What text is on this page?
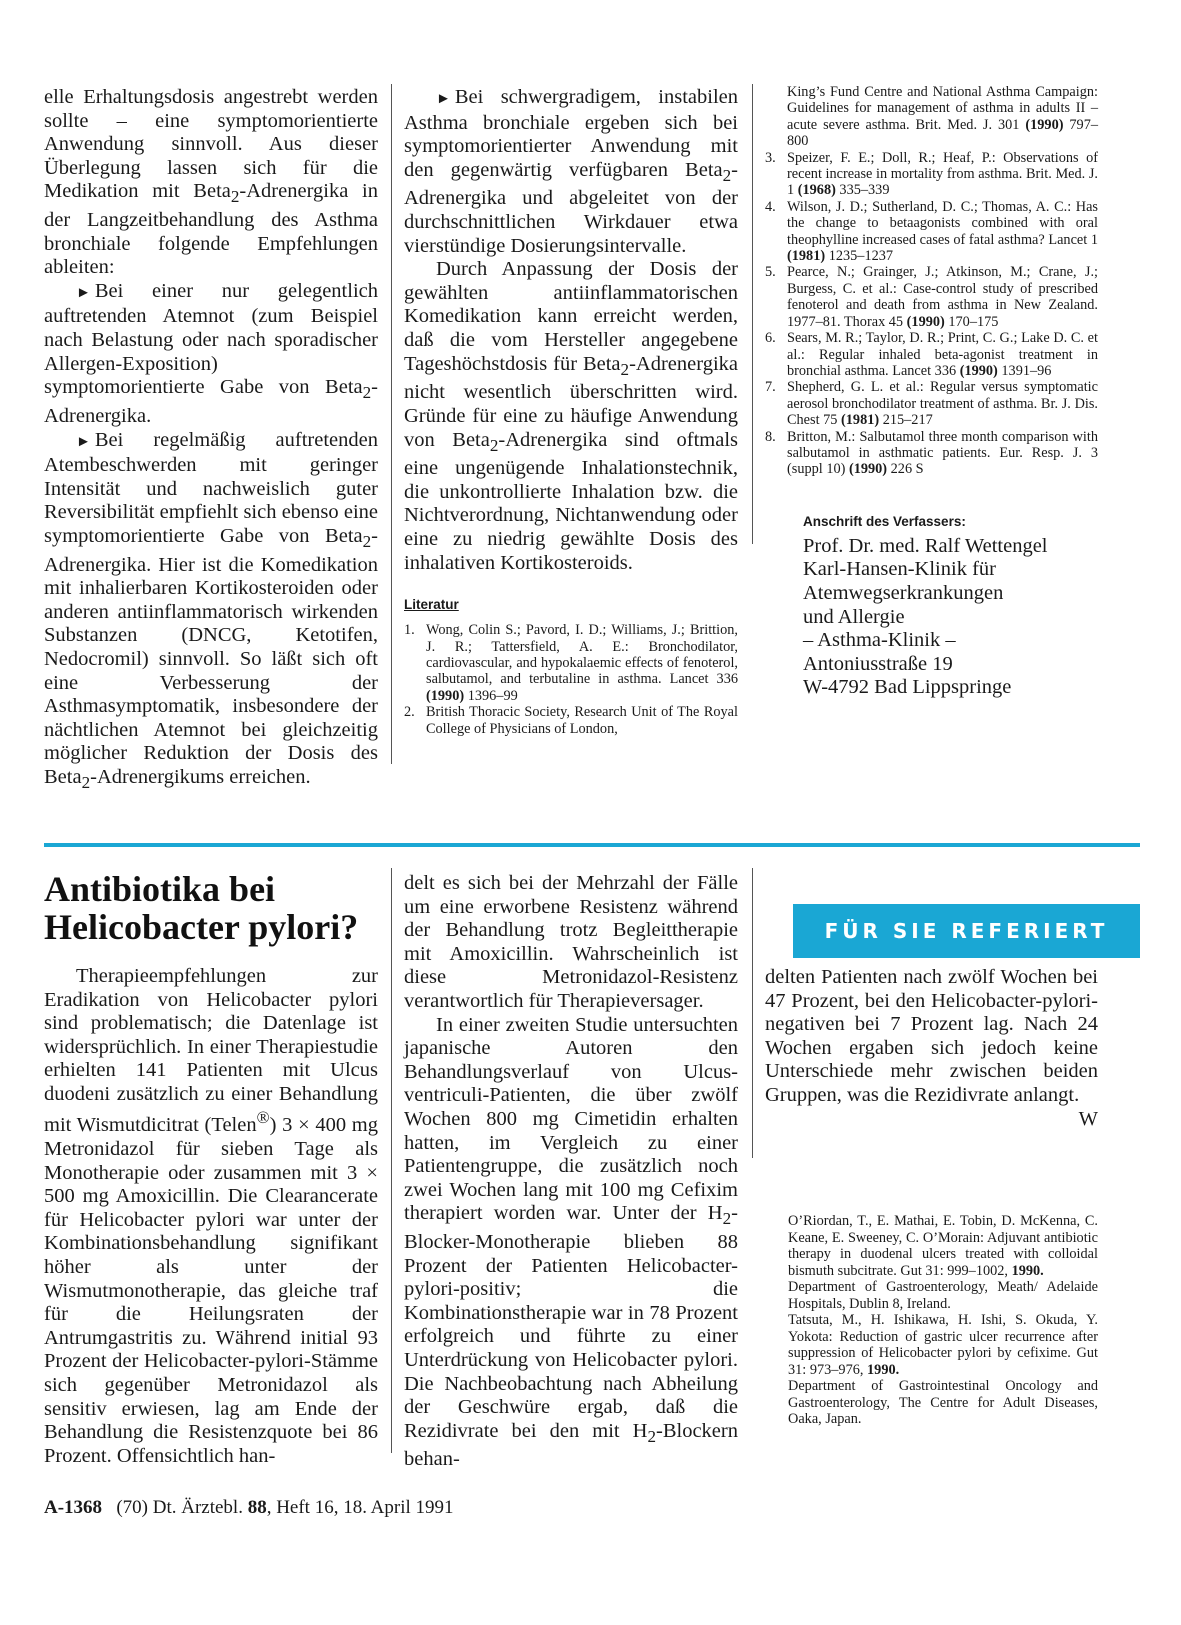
elle Erhaltungsdosis angestrebt werden sollte – eine symptomorientierte Anwendung sinnvoll. Aus dieser Überlegung lassen sich für die Medikation mit Beta$_2$-Adrenergika in der Langzeitbehandlung des Asthma bronchiale folgende Empfehlungen ableiten:

► Bei einer nur gelegentlich auftretenden Atemnot (zum Beispiel nach Belastung oder nach sporadischer Allergen-Exposition) symptomorientierte Gabe von Beta$_2$-Adrenergika.

► Bei regelmäßig auftretenden Atembeschwerden mit geringer Intensität und nachweislich guter Reversibilität empfiehlt sich ebenso eine symptomorientierte Gabe von Beta$_2$-Adrenergika. Hier ist die Komedikation mit inhalierbaren Kortikosteroiden oder anderen antiinflammatorisch wirkenden Substanzen (DNCG, Ketotifen, Nedocromil) sinnvoll. So läßt sich oft eine Verbesserung der Asthmasymptomatik, insbesondere der nächtlichen Atemnot bei gleichzeitig möglicher Reduktion der Dosis des Beta$_2$-Adrenergikums erreichen.

► Bei schwergradigem, instabilen Asthma bronchiale ergeben sich bei symptomorientierter Anwendung mit den gegenwärtig verfügbaren Beta$_2$-Adrenergika und abgeleitet von der durchschnittlichen Wirkdauer etwa vierstündige Dosierungsintervalle.

Durch Anpassung der Dosis der gewählten antiinflammatorischen Komedikation kann erreicht werden, daß die vom Hersteller angegebene Tageshöchstdosis für Beta$_2$-Adrenergika nicht wesentlich überschritten wird. Gründe für eine zu häufige Anwendung von Beta$_2$-Adrenergika sind oftmals eine ungenügende Inhalationstechnik, die unkontrollierte Inhalation bzw. die Nichtverordnung, Nichtanwendung oder eine zu niedrig gewählte Dosis des inhalativen Kortikosteroids.

Literatur
1. Wong, Colin S.; Pavord, I. D.; Williams, J.; Brittion, J. R.; Tattersfield, A. E.: Bronchodilator, cardiovascular, and hypokalaemic effects of fenoterol, salbutamol, and terbutaline in asthma. Lancet 336 (1990) 1396–99
2. British Thoracic Society, Research Unit of The Royal College of Physicians of London,
King’s Fund Centre and National Asthma Campaign: Guidelines for management of asthma in adults II – acute severe asthma. Brit. Med. J. 301 (1990) 797–800
3. Speizer, F. E.; Doll, R.; Heaf, P.: Observations of recent increase in mortality from asthma. Brit. Med. J. 1 (1968) 335–339
4. Wilson, J. D.; Sutherland, D. C.; Thomas, A. C.: Has the change to betaagonists combined with oral theophylline increased cases of fatal asthma? Lancet 1 (1981) 1235–1237
5. Pearce, N.; Grainger, J.; Atkinson, M.; Crane, J.; Burgess, C. et al.: Case-control study of prescribed fenoterol and death from asthma in New Zealand. 1977–81. Thorax 45 (1990) 170–175
6. Sears, M. R.; Taylor, D. R.; Print, C. G.; Lake D. C. et al.: Regular inhaled beta-agonist treatment in bronchial asthma. Lancet 336 (1990) 1391–96
7. Shepherd, G. L. et al.: Regular versus symptomatic aerosol bronchodilator treatment of asthma. Br. J. Dis. Chest 75 (1981) 215–217
8. Britton, M.: Salbutamol three month comparison with salbutamol in asthmatic patients. Eur. Resp. J. 3 (suppl 10) (1990) 226 S
Anschrift des Verfassers:
Prof. Dr. med. Ralf Wettengel
Karl-Hansen-Klinik für
Atemwegserkrankungen
und Allergie
– Asthma-Klinik –
Antoniusstraße 19
W-4792 Bad Lippspringe
Antibiotika bei
Helicobacter pylori?

Therapieempfehlungen zur Eradikation von Helicobacter pylori sind problematisch; die Datenlage ist widersprüchlich. In einer Therapiestudie erhielten 141 Patienten mit Ulcus duodeni zusätzlich zu einer Behandlung mit Wismutdicitrat (Telen®) 3 × 400 mg Metronidazol für sieben Tage als Monotherapie oder zusammen mit 3 × 500 mg Amoxicillin. Die Clearancerate für Helicobacter pylori war unter der Kombinationsbehandlung signifikant höher als unter der Wismutmonotherapie, das gleiche traf für die Heilungsraten der Antrumgastritis zu. Während initial 93 Prozent der Helicobacter-pylori-Stämme sich gegenüber Metronidazol als sensitiv erwiesen, lag am Ende der Behandlung die Resistenzquote bei 86 Prozent. Offensichtlich han-

delt es sich bei der Mehrzahl der Fälle um eine erworbene Resistenz während der Behandlung trotz Begleittherapie mit Amoxicillin. Wahrscheinlich ist diese Metronidazol-Resistenz verantwortlich für Therapieversager.

In einer zweiten Studie untersuchten japanische Autoren den Behandlungsverlauf von Ulcus-ventriculi-Patienten, die über zwölf Wochen 800 mg Cimetidin erhalten hatten, im Vergleich zu einer Patientengruppe, die zusätzlich noch zwei Wochen lang mit 100 mg Cefixim therapiert worden war. Unter der $H_2-Blocker$-Monotherapie blieben 88 Prozent der Patienten Helicobacter-pylori-positiv; die Kombinationstherapie war in 78 Prozent erfolgreich und führte zu einer Unterdrückung von Helicobacter pylori. Die Nachbeobachtung nach Abheilung der Geschwüre ergab, daß die Rezidivrate bei den mit $H_2$-Blockern behan-

FÜR SIE REFERIERT

delten Patienten nach zwölf Wochen bei 47 Prozent, bei den Helicobacter-pylori-negativen bei 7 Prozent lag. Nach 24 Wochen ergaben sich jedoch keine Unterschiede mehr zwischen beiden Gruppen, was die Rezidivrate anlangt.
W

O’Riordan, T., E. Mathai, E. Tobin, D. McKenna, C. Keane, E. Sweeney, C. O’Morain: Adjuvant antibiotic therapy in duodenal ulcers treated with colloidal bismuth subcitrate. Gut 31: 999–1002, 1990.

Department of Gastroenterology, Meath/ Adelaide Hospitals, Dublin 8, Ireland.

Tatsuta, M., H. Ishikawa, H. Ishi, S. Okuda, Y. Yokota: Reduction of gastric ulcer recurrence after suppression of Helicobacter pylori by cefixime. Gut 31: 973–976, 1990.

Department of Gastrointestinal Oncology and Gastroenterology, The Centre for Adult Diseases, Oaka, Japan.

A-1368 (70) Dt. Ärztebl. 88, Heft 16, 18. April 1991
